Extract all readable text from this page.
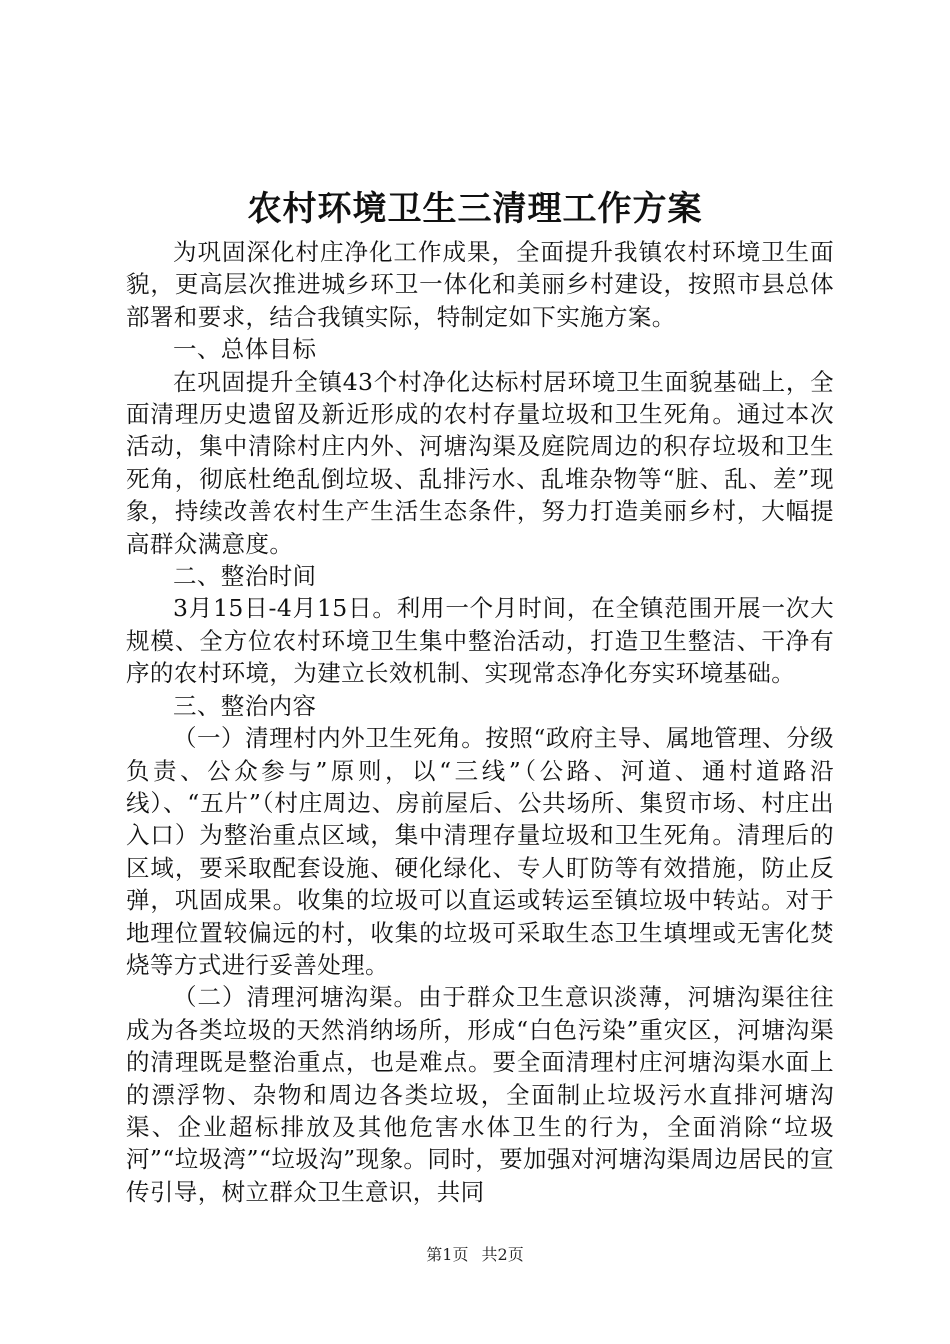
农村环境卫生三清理工作方案

为巩固深化村庄净化工作成果，全面提升我镇农村环境卫生面貌，更高层次推进城乡环卫一体化和美丽乡村建设，按照市县总体部署和要求，结合我镇实际，特制定如下实施方案。

一、总体目标

在巩固提升全镇43个村净化达标村居环境卫生面貌基础上，全面清理历史遗留及新近形成的农村存量垃圾和卫生死角。通过本次活动，集中清除村庄内外、河塘沟渠及庭院周边的积存垃圾和卫生死角，彻底杜绝乱倒垃圾、乱排污水、乱堆杂物等“脏、乱、差”现象，持续改善农村生产生活生态条件，努力打造美丽乡村，大幅提高群众满意度。

二、整治时间

3月15日-4月15日。利用一个月时间，在全镇范围开展一次大规模、全方位农村环境卫生集中整治活动，打造卫生整洁、干净有序的农村环境，为建立长效机制、实现常态净化夯实环境基础。

三、整治内容

（一）清理村内外卫生死角。按照“政府主导、属地管理、分级负责、公众参与”原则，以“三线”（公路、河道、通村道路沿线）、“五片”（村庄周边、房前屋后、公共场所、集贸市场、村庄出入口）为整治重点区域，集中清理存量垃圾和卫生死角。清理后的区域，要采取配套设施、硬化绿化、专人盯防等有效措施，防止反弹，巩固成果。收集的垃圾可以直运或转运至镇垃圾中转站。对于地理位置较偏远的村，收集的垃圾可采取生态卫生填埋或无害化焚烧等方式进行妥善处理。

（二）清理河塘沟渠。由于群众卫生意识淡薄，河塘沟渠往往成为各类垃圾的天然消纳场所，形成“白色污染”重灾区，河塘沟渠的清理既是整治重点，也是难点。要全面清理村庄河塘沟渠水面上的漂浮物、杂物和周边各类垃圾，全面制止垃圾污水直排河塘沟渠、企业超标排放及其他危害水体卫生的行为，全面消除“垃圾河”“垃圾湾”“垃圾沟”现象。同时，要加强对河塘沟渠周边居民的宣传引导，树立群众卫生意识，共同

第1页 共2页
